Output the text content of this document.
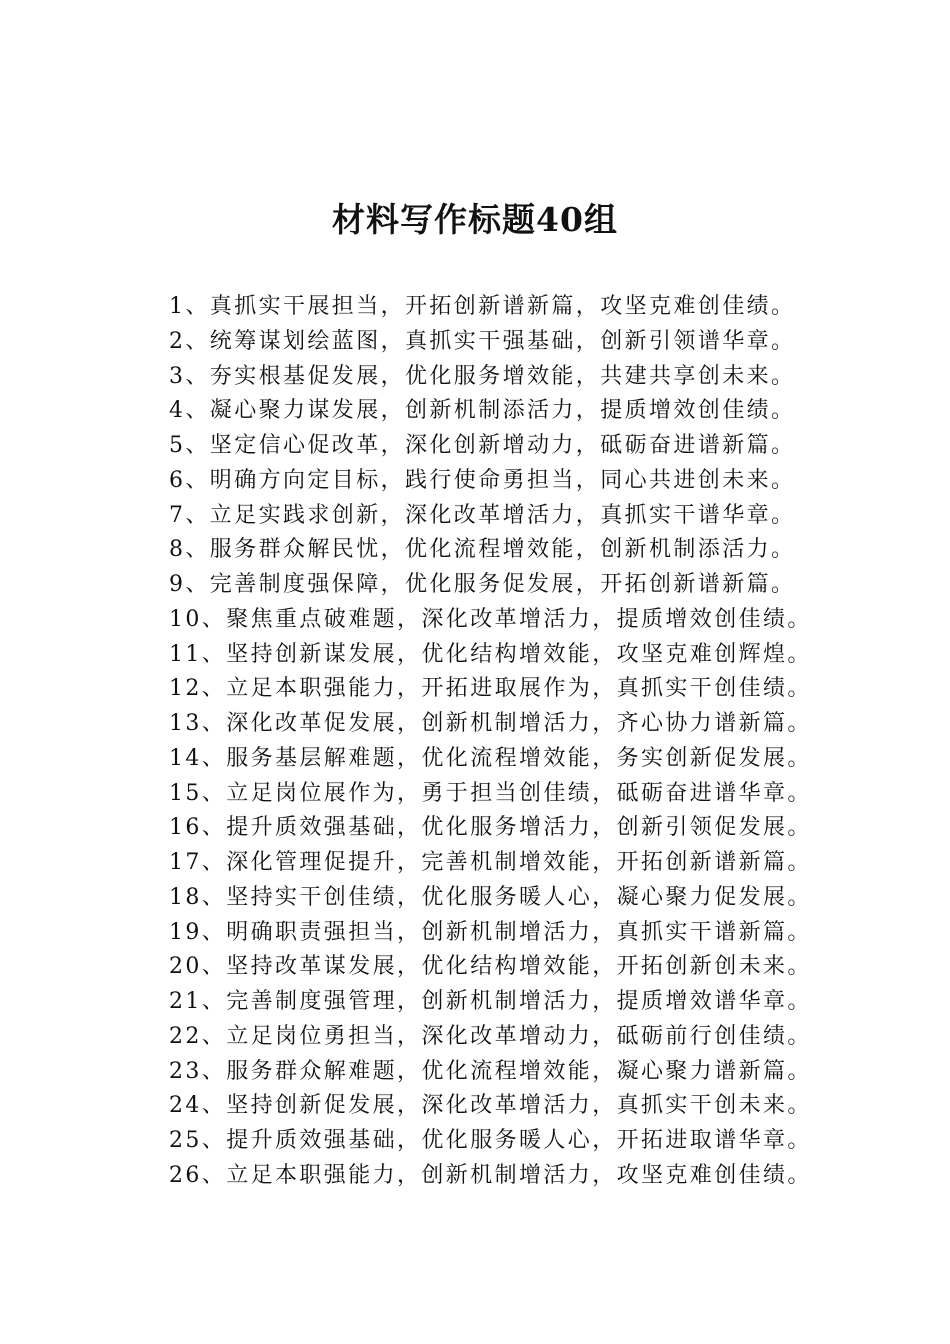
材料写作标题40组
1、真抓实干展担当，开拓创新谱新篇，攻坚克难创佳绩。
2、统筹谋划绘蓝图，真抓实干强基础，创新引领谱华章。
3、夯实根基促发展，优化服务增效能，共建共享创未来。
4、凝心聚力谋发展，创新机制添活力，提质增效创佳绩。
5、坚定信心促改革，深化创新增动力，砥砺奋进谱新篇。
6、明确方向定目标，践行使命勇担当，同心共进创未来。
7、立足实践求创新，深化改革增活力，真抓实干谱华章。
8、服务群众解民忧，优化流程增效能，创新机制添活力。
9、完善制度强保障，优化服务促发展，开拓创新谱新篇。
10、聚焦重点破难题，深化改革增活力，提质增效创佳绩。
11、坚持创新谋发展，优化结构增效能，攻坚克难创辉煌。
12、立足本职强能力，开拓进取展作为，真抓实干创佳绩。
13、深化改革促发展，创新机制增活力，齐心协力谱新篇。
14、服务基层解难题，优化流程增效能，务实创新促发展。
15、立足岗位展作为，勇于担当创佳绩，砥砺奋进谱华章。
16、提升质效强基础，优化服务增活力，创新引领促发展。
17、深化管理促提升，完善机制增效能，开拓创新谱新篇。
18、坚持实干创佳绩，优化服务暖人心，凝心聚力促发展。
19、明确职责强担当，创新机制增活力，真抓实干谱新篇。
20、坚持改革谋发展，优化结构增效能，开拓创新创未来。
21、完善制度强管理，创新机制增活力，提质增效谱华章。
22、立足岗位勇担当，深化改革增动力，砥砺前行创佳绩。
23、服务群众解难题，优化流程增效能，凝心聚力谱新篇。
24、坚持创新促发展，深化改革增活力，真抓实干创未来。
25、提升质效强基础，优化服务暖人心，开拓进取谱华章。
26、立足本职强能力，创新机制增活力，攻坚克难创佳绩。
